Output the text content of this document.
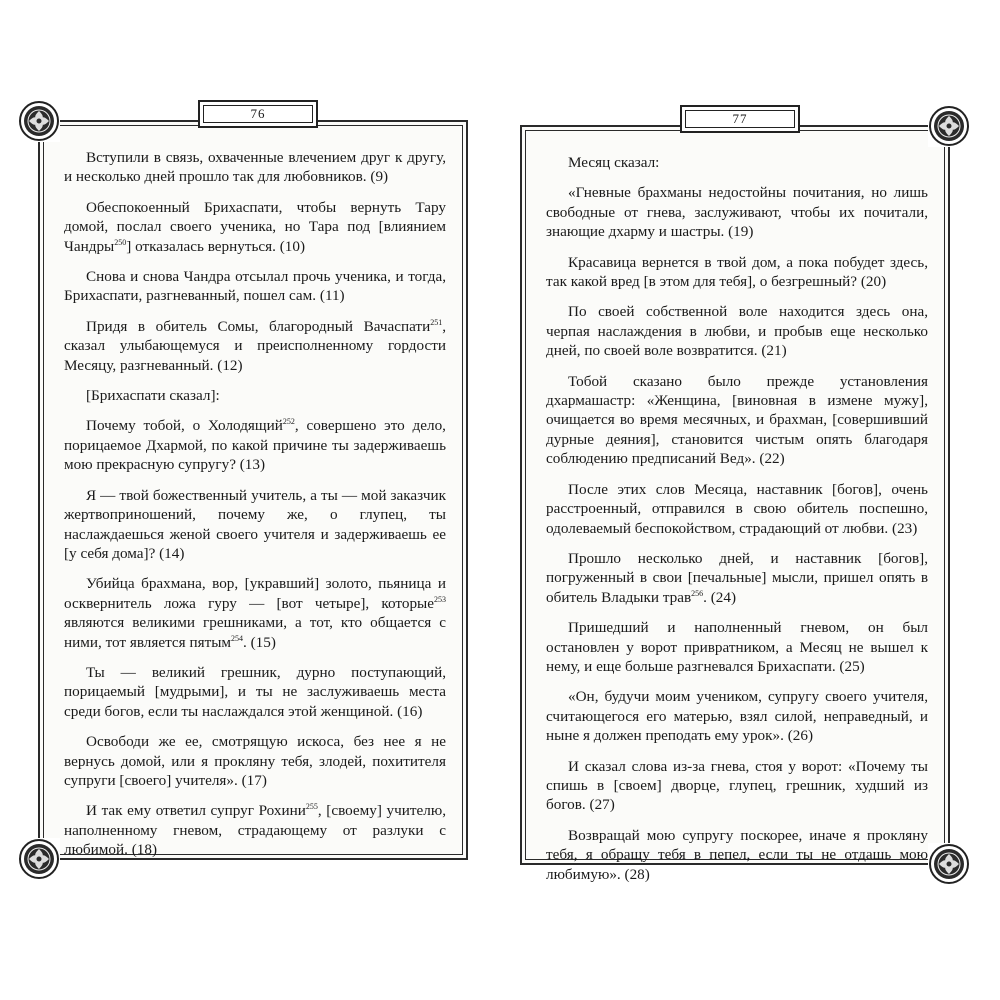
76

Вступили в связь, охваченные влечением друг к другу, и несколько дней прошло так для любовников. (9)

Обеспокоенный Брихаспати, чтобы вернуть Тару домой, послал своего ученика, но Тара под [влиянием Чандры$^{250}$] отказалась вернуться. (10)

Снова и снова Чандра отсылал прочь ученика, и тогда, Брихаспати, разгневанный, пошел сам. (11)

Придя в обитель Сомы, благородный Вачаспати$^{251}$, сказал улыбающемуся и преисполненному гордости Месяцу, разгневанный. (12)

[Брихаспати сказал]:

Почему тобой, о Холодящий$^{252}$, совершено это дело, порицаемое Дхармой, по какой причине ты задерживаешь мою прекрасную супругу? (13)

Я — твой божественный учитель, а ты — мой заказчик жертвоприношений, почему же, о глупец, ты наслаждаешься женой своего учителя и задерживаешь ее [у себя дома]? (14)

Убийца брахмана, вор, [укравший] золото, пьяница и осквернитель ложа гуру — [вот четыре], которые$^{253}$ являются великими грешниками, а тот, кто общается с ними, тот является пятым$^{254}$. (15)

Ты — великий грешник, дурно поступающий, порицаемый [мудрыми], и ты не заслуживаешь места среди богов, если ты наслаждался этой женщиной. (16)

Освободи же ее, смотрящую искоса, без нее я не вернусь домой, или я прокляну тебя, злодей, похитителя супруги [своего] учителя». (17)

И так ему ответил супруг Рохини$^{255}$, [своему] учителю, наполненному гневом, страдающему от разлуки с любимой. (18)

77

Месяц сказал:

«Гневные брахманы недостойны почитания, но лишь свободные от гнева, заслуживают, чтобы их почитали, знающие дхарму и шастры. (19)

Красавица вернется в твой дом, а пока побудет здесь, так какой вред [в этом для тебя], о безгрешный? (20)

По своей собственной воле находится здесь она, черпая наслаждения в любви, и пробыв еще несколько дней, по своей воле возвратится. (21)

Тобой сказано было прежде установления дхармашастр: «Женщина, [виновная в измене мужу], очищается во время месячных, и брахман, [совершивший дурные деяния], становится чистым опять благодаря соблюдению предписаний Вед». (22)

После этих слов Месяца, наставник [богов], очень расстроенный, отправился в свою обитель поспешно, одолеваемый беспокойством, страдающий от любви. (23)

Прошло несколько дней, и наставник [богов], погруженный в свои [печальные] мысли, пришел опять в обитель Владыки трав$^{256}$. (24)

Пришедший и наполненный гневом, он был остановлен у ворот привратником, а Месяц не вышел к нему, и еще больше разгневался Брихаспати. (25)

«Он, будучи моим учеником, супругу своего учителя, считающегося его матерью, взял силой, неправедный, и ныне я должен преподать ему урок». (26)

И сказал слова из-за гнева, стоя у ворот: «Почему ты спишь в [своем] дворце, глупец, грешник, худший из богов. (27)

Возвращай мою супругу поскорее, иначе я прокляну тебя, я обращу тебя в пепел, если ты не отдашь мою любимую». (28)
